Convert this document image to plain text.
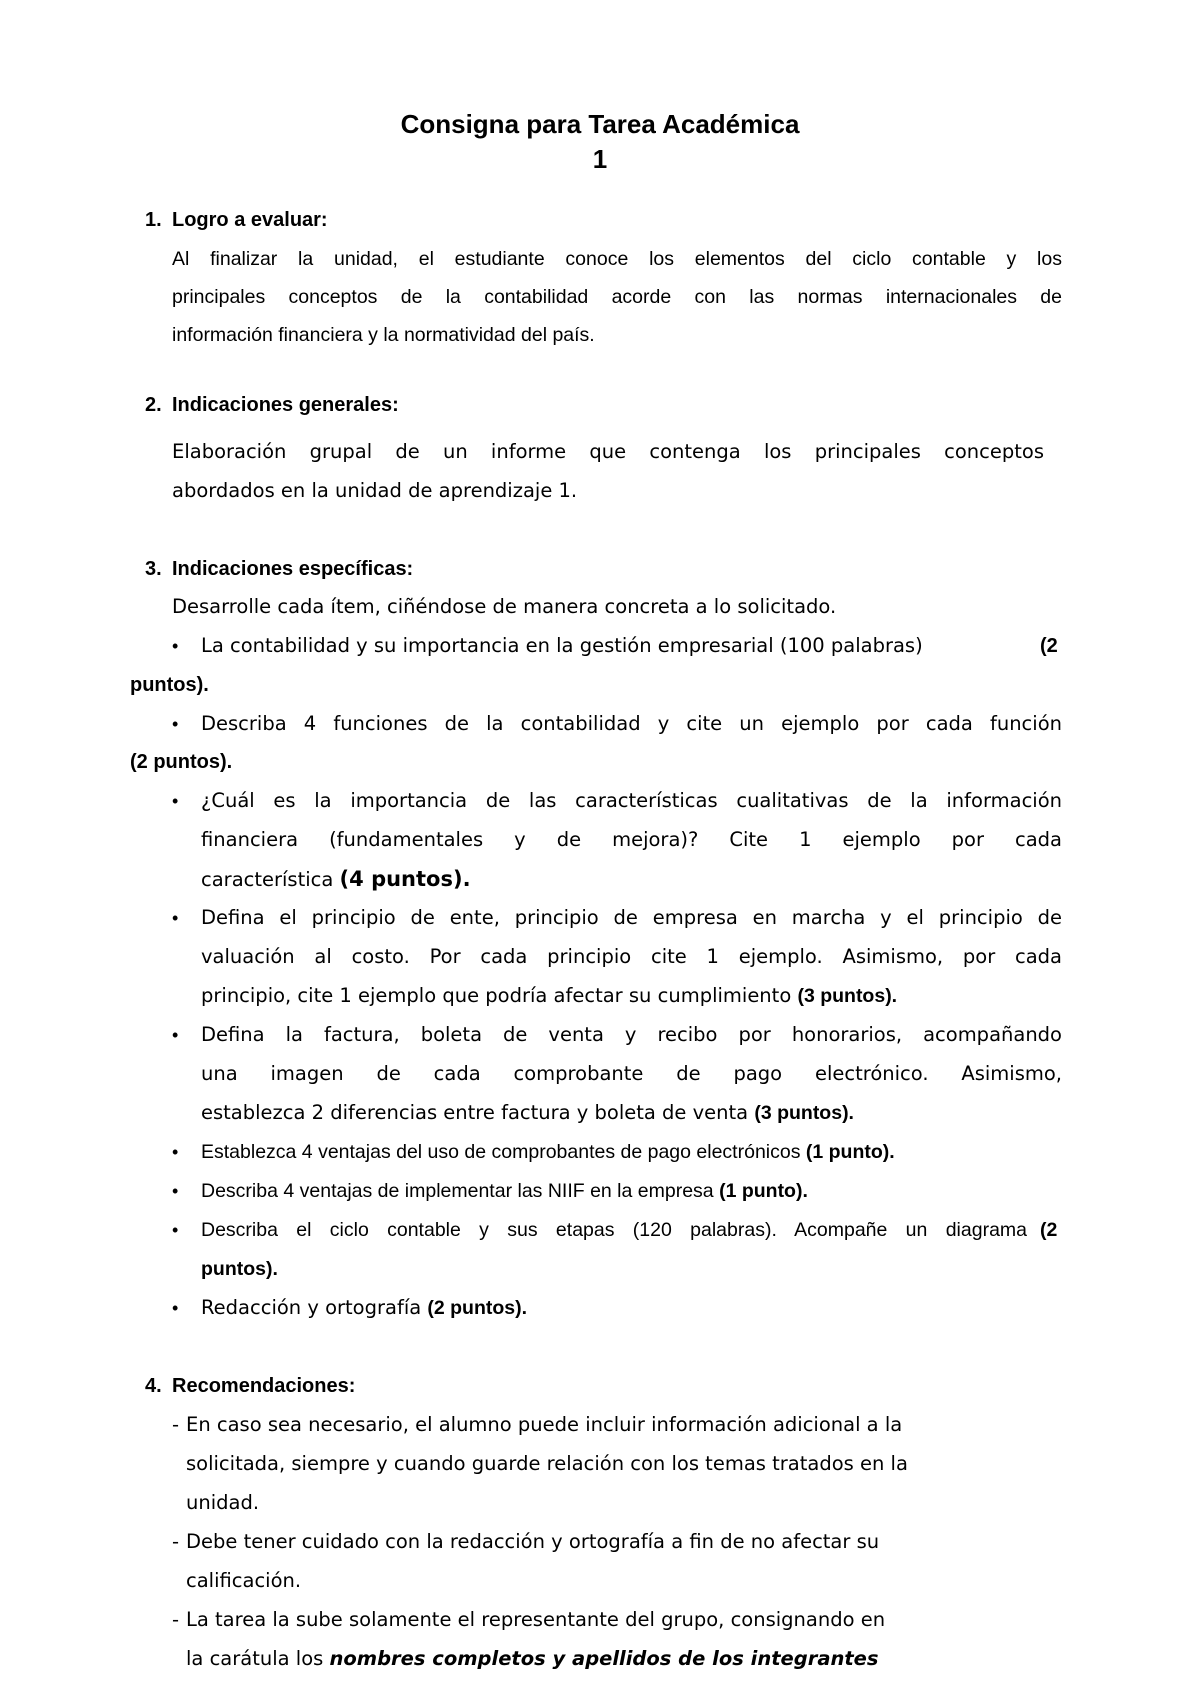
Consigna para Tarea Académica
1
1. Logro a evaluar:
Al finalizar la unidad, el estudiante conoce los elementos del ciclo contable y los
principales conceptos de la contabilidad acorde con las normas internacionales de
información financiera y la normatividad del país.
2. Indicaciones generales:
Elaboración grupal de un informe que contenga los principales conceptos
abordados en la unidad de aprendizaje 1.
3. Indicaciones específicas:
Desarrolle cada ítem, ciñéndose de manera concreta a lo solicitado.
• La contabilidad y su importancia en la gestión empresarial (100 palabras)	(2
puntos).
• Describa 4 funciones de la contabilidad y cite un ejemplo por cada función
(2 puntos).
• ¿Cuál es la importancia de las características cualitativas de la información
financiera (fundamentales y de mejora)? Cite 1 ejemplo por cada
característica (4 puntos).
• Defina el principio de ente, principio de empresa en marcha y el principio de
valuación al costo. Por cada principio cite 1 ejemplo. Asimismo, por cada
principio, cite 1 ejemplo que podría afectar su cumplimiento (3 puntos).
• Defina la factura, boleta de venta y recibo por honorarios, acompañando
una imagen de cada comprobante de pago electrónico. Asimismo,
establezca 2 diferencias entre factura y boleta de venta (3 puntos).
• Establezca 4 ventajas del uso de comprobantes de pago electrónicos (1 punto).
• Describa 4 ventajas de implementar las NIIF en la empresa (1 punto).
• Describa el ciclo contable y sus etapas (120 palabras). Acompañe un diagrama (2
puntos).
• Redacción y ortografía (2 puntos).
4. Recomendaciones:
- En caso sea necesario, el alumno puede incluir información adicional a la
solicitada, siempre y cuando guarde relación con los temas tratados en la
unidad.
- Debe tener cuidado con la redacción y ortografía a fin de no afectar su
calificación.
- La tarea la sube solamente el representante del grupo, consignando en
la carátula los nombres completos y apellidos de los integrantes
